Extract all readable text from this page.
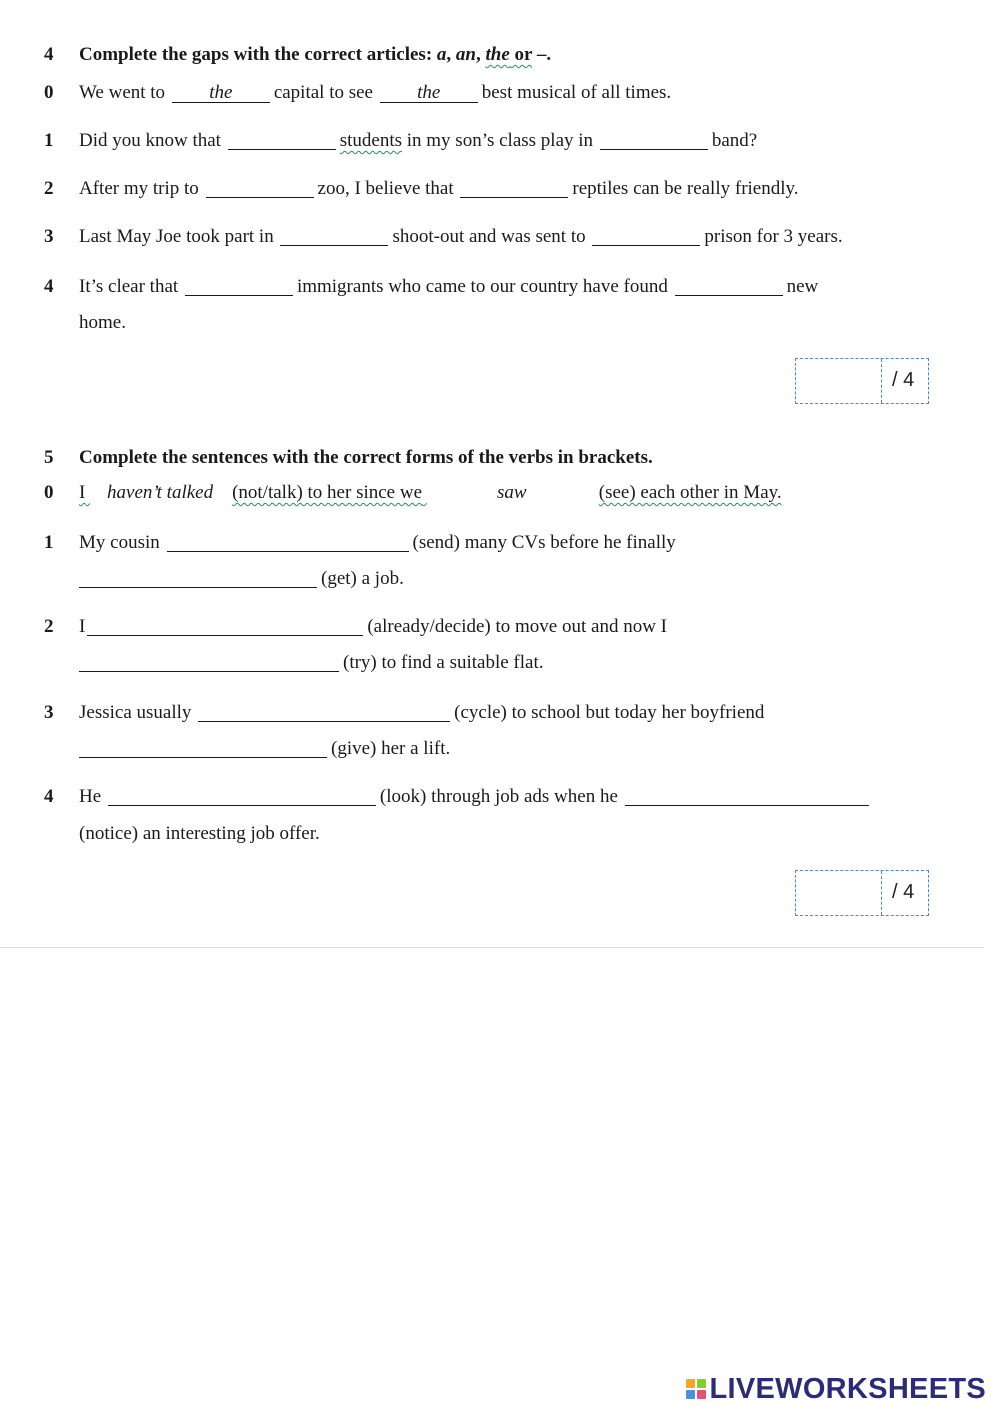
4 Complete the gaps with the correct articles: a, an, the or –.
0 We went to the capital to see the best musical of all times.
1 Did you know that	students in my son’s class play in	band?
2 After my trip to	zoo, I believe that	reptiles can be really friendly.
3 Last May Joe took part in	shoot-out and was sent to	prison for 3 years.
4 It’s clear that	immigrants who came to our country have found	new
home.
/ 4
5 Complete the sentences with the correct forms of the verbs in brackets.
0 I haven’t talked (not/talk) to her since we	saw	(see) each other in May.
1 My cousin	(send) many CVs before he finally
(get) a job.
2 I	(already/decide) to move out and now I
(try) to find a suitable flat.
3 Jessica usually	(cycle) to school but today her boyfriend
(give) her a lift.
4 He	(look) through job ads when he
(notice) an interesting job offer.
/ 4
LIVEWORKSHEETS
